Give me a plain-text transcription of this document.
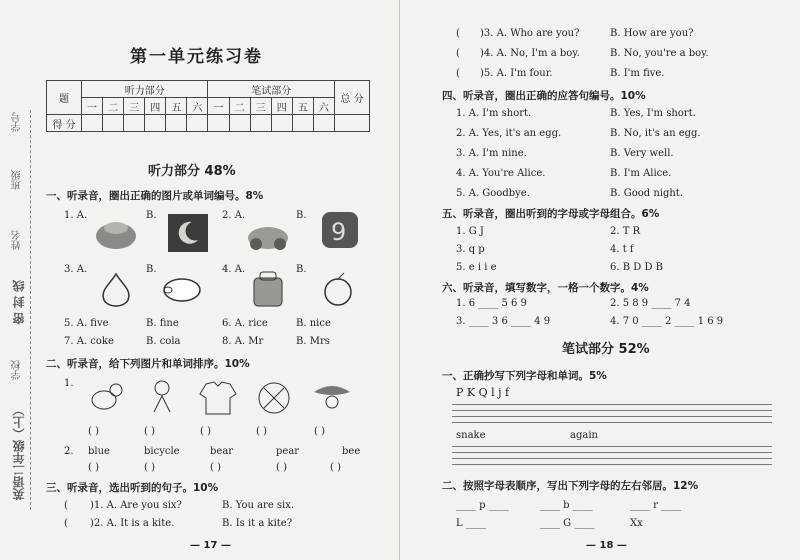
学号
班级
姓名
密 封 线
学校
英语二年级（上）
第一单元练习卷
题	听力部分						笔试部分						总 分
	一	二	三	四	五	六	一	二	三	四	五	六	
得 分													
听力部分 48%
一、听录音，圈出正确的图片或单词编号。8%
1. A.	B.	2. A.	B.
9
3. A.	B.	4. A.	B.
5. A. five	B. fine	6. A. rice	B. nice
7. A. coke	B. cola	8. A. Mr	B. Mrs
二、听录音，给下列图片和单词排序。10%
1.
( )	( )	( )	( )	( )
2. blue	bicycle	bear	pear	bee
( )	( )	( )	( )	( )
三、听录音，选出听到的句子。10%
( )1. A. Are you six?	B. You are six.
( )2. A. It is a kite.	B. Is it a kite?
— 17 —
( )3. A. Who are you?	B. How are you?
( )4. A. No, I'm a boy.	B. No, you're a boy.
( )5. A. I'm four.	B. I'm five.
四、听录音，圈出正确的应答句编号。10%
1. A. I'm short.	B. Yes, I'm short.
2. A. Yes, it's an egg.	B. No, it's an egg.
3. A. I'm nine.	B. Very well.
4. A. You're Alice.	B. I'm Alice.
5. A. Goodbye.	B. Good night.
五、听录音，圈出听到的字母或字母组合。6%
1. G J	2. T R
3. q p	4. t f
5. e i i e	6. B D D B
六、听录音，填写数字，一格一个数字。4%
1. 6 ____ 5 6 9	2. 5 8 9 ____ 7 4
3. ____ 3 6 ____ 4 9	4. 7 0 ____ 2 ____ 1 6 9
笔试部分 52%
一、正确抄写下列字母和单词。5%
P K Q l j f
snake	again
二、按照字母表顺序，写出下列字母的左右邻居。12%
____ p ____	____ b ____	____ r ____
L ____	____ G ____	Xx
— 18 —
